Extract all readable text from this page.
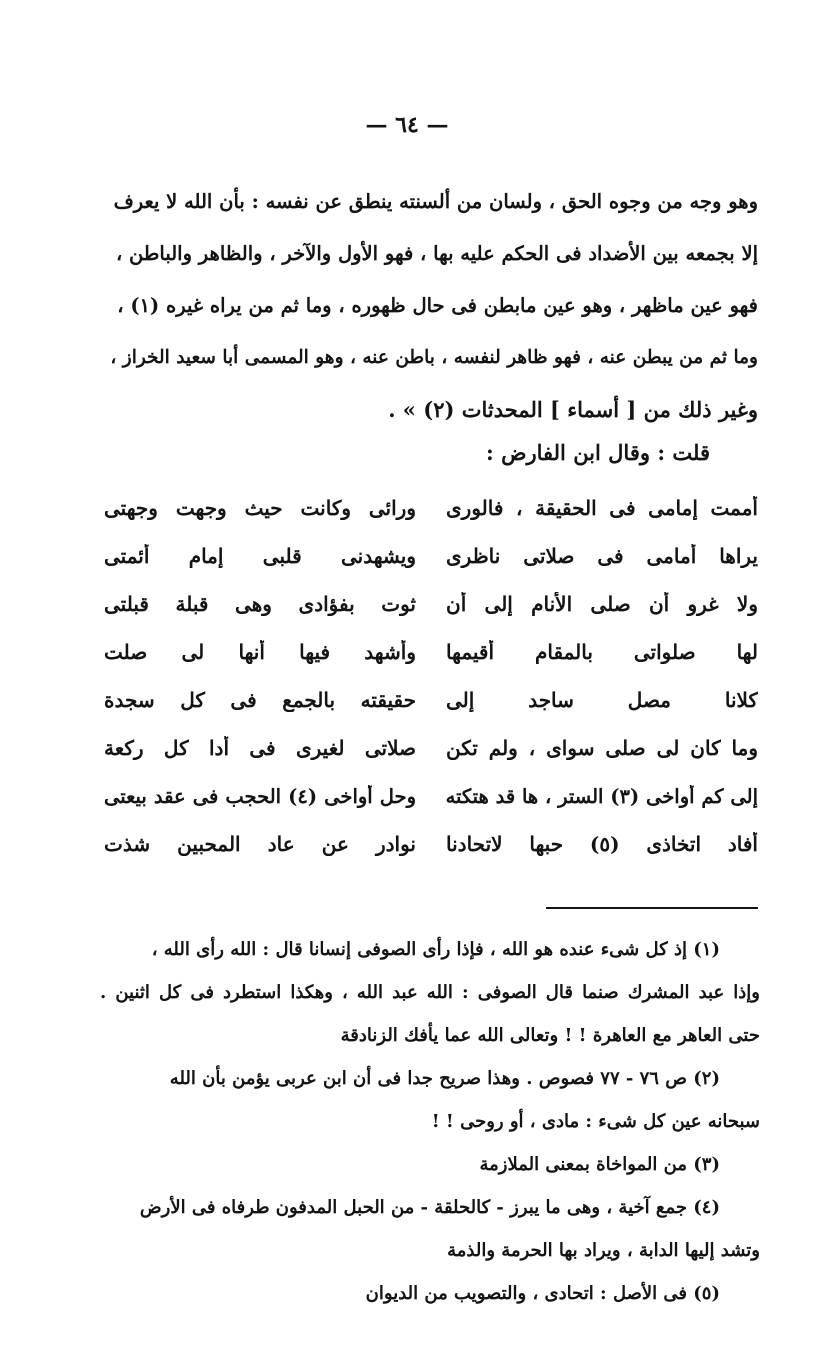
— ٦٤ —
وهو وجه من وجوه الحق ، ولسان من ألسنته ينطق عن نفسه : بأن الله لا يعرف
إلا بجمعه بين الأضداد فى الحكم عليه بها ، فهو الأول والآخر ، والظاهر والباطن ،
فهو عين ماظهر ، وهو عين مابطن فى حال ظهوره ، وما ثم من يراه غيره (١) ،
وما ثم من يبطن عنه ، فهو ظاهر لنفسه ، باطن عنه ، وهو المسمى أبا سعيد الخراز ،
وغير ذلك من [ أسماء ] المحدثات (٢) » .
قلت : وقال ابن الفارض :
أممت إمامى فى الحقيقة ، فالورى
ورائى وكانت حيث وجهت وجهتى
يراها أمامى فى صلاتى ناظرى
ويشهدنى قلبى إمام أئمتى
ولا غرو أن صلى الأنام إلى أن
ثوت بفؤادى وهى قبلة قبلتى
لها صلواتى بالمقام أقيمها
وأشهد فيها أنها لى صلت
كلانا مصل ساجد إلى
حقيقته بالجمع فى كل سجدة
وما كان لى صلى سواى ، ولم تكن
صلاتى لغيرى فى أدا كل ركعة
إلى كم أواخى (٣) الستر ، ها قد هتكته
وحل أواخى (٤) الحجب فى عقد بيعتى
أفاد اتخاذى (٥) حبها لاتحادنا
نوادر عن عاد المحبين شذت
(١) إذ كل شىء عنده هو الله ، فإذا رأى الصوفى إنسانا قال : الله رأى الله ،
وإذا عبد المشرك صنما قال الصوفى : الله عبد الله ، وهكذا استطرد فى كل اثنين .
حتى العاهر مع العاهرة ! ! وتعالى الله عما يأفك الزنادقة
(٢) ص ٧٦ - ٧٧ فصوص . وهذا صريح جدا فى أن ابن عربى يؤمن بأن الله
سبحانه عين كل شىء : مادى ، أو روحى ! !
(٣) من المواخاة بمعنى الملازمة
(٤) جمع آخية ، وهى ما يبرز - كالحلقة - من الحبل المدفون طرفاه فى الأرض
وتشد إليها الدابة ، ويراد بها الحرمة والذمة
(٥) فى الأصل : اتحادى ، والتصويب من الديوان
